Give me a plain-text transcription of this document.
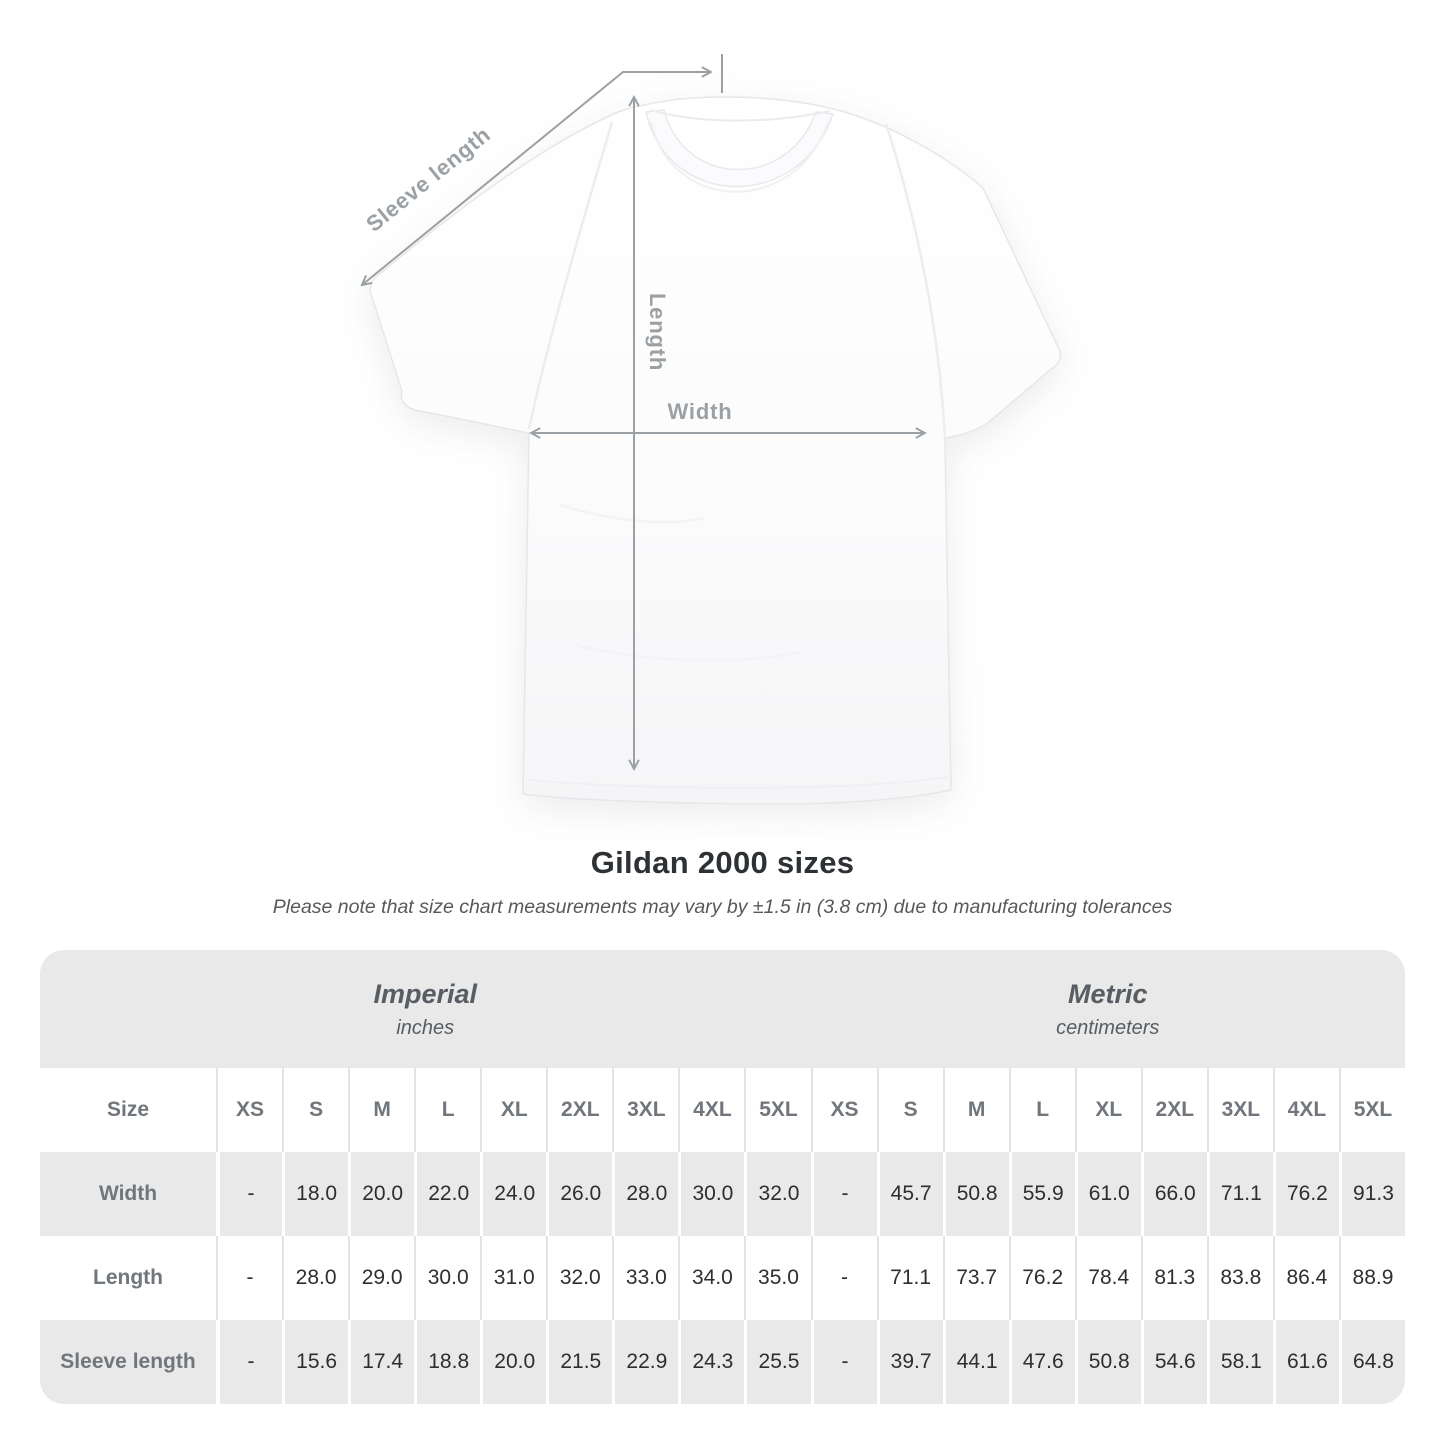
Sleeve length
Length
Width
Gildan 2000 sizes
Please note that size chart measurements may vary by ±1.5 in (3.8 cm) due to manufacturing tolerances
Imperial
inches
Metric
centimeters
Size	XS	S	M	L	XL	2XL	3XL	4XL	5XL	XS	S	M	L	XL	2XL	3XL	4XL	5XL
Width	-	18.0	20.0	22.0	24.0	26.0	28.0	30.0	32.0	-	45.7	50.8	55.9	61.0	66.0	71.1	76.2	91.3
Length	-	28.0	29.0	30.0	31.0	32.0	33.0	34.0	35.0	-	71.1	73.7	76.2	78.4	81.3	83.8	86.4	88.9
Sleeve length	-	15.6	17.4	18.8	20.0	21.5	22.9	24.3	25.5	-	39.7	44.1	47.6	50.8	54.6	58.1	61.6	64.8
